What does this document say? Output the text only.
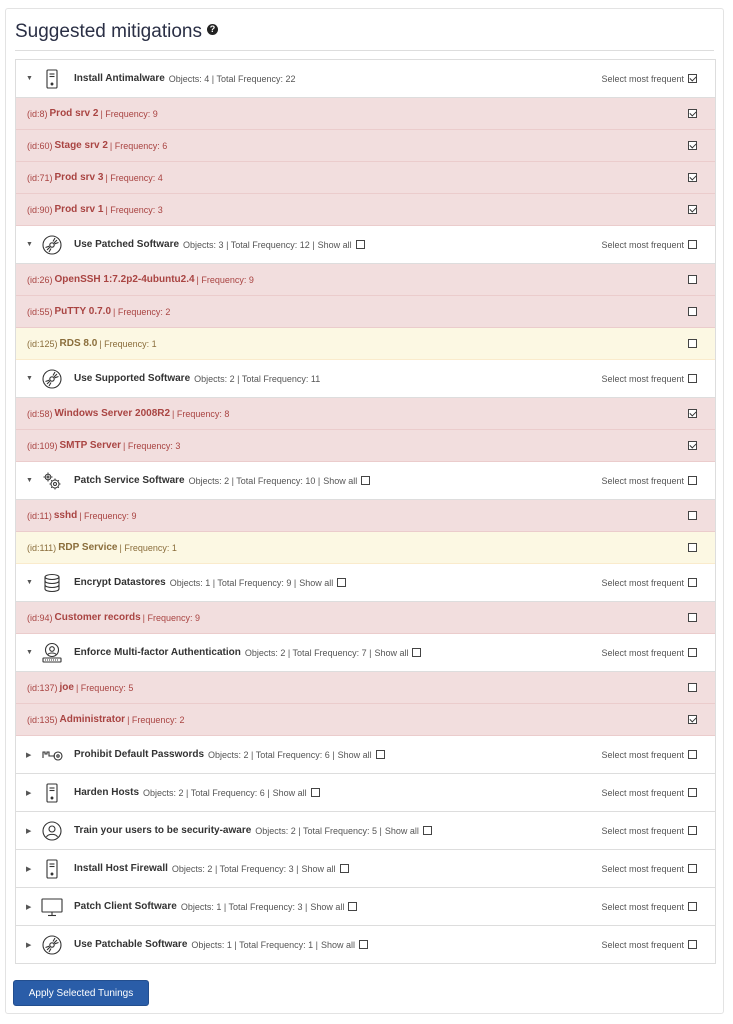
Suggested mitigations ?
▼	Install Antimalware Objects: 4 | Total Frequency: 22	Select most frequent
(id:8) Prod srv 2 | Frequency: 9
(id:60) Stage srv 2 | Frequency: 6
(id:71) Prod srv 3 | Frequency: 4
(id:90) Prod srv 1 | Frequency: 3
▼	Use Patched Software Objects: 3 | Total Frequency: 12 | Show all	Select most frequent
(id:26) OpenSSH 1:7.2p2-4ubuntu2.4 | Frequency: 9
(id:55) PuTTY 0.7.0 | Frequency: 2
(id:125) RDS 8.0 | Frequency: 1
▼	Use Supported Software Objects: 2 | Total Frequency: 11	Select most frequent
(id:58) Windows Server 2008R2 | Frequency: 8
(id:109) SMTP Server | Frequency: 3
▼	Patch Service Software Objects: 2 | Total Frequency: 10 | Show all	Select most frequent
(id:11) sshd | Frequency: 9
(id:111) RDP Service | Frequency: 1
▼	Encrypt Datastores Objects: 1 | Total Frequency: 9 | Show all	Select most frequent
(id:94) Customer records | Frequency: 9
▼	Enforce Multi-factor Authentication Objects: 2 | Total Frequency: 7 | Show all	Select most frequent
(id:137) joe | Frequency: 5
(id:135) Administrator | Frequency: 2
▶	Prohibit Default Passwords Objects: 2 | Total Frequency: 6 | Show all	Select most frequent
▶	Harden Hosts Objects: 2 | Total Frequency: 6 | Show all	Select most frequent
▶	Train your users to be security-aware Objects: 2 | Total Frequency: 5 | Show all	Select most frequent
▶	Install Host Firewall Objects: 2 | Total Frequency: 3 | Show all	Select most frequent
▶	Patch Client Software Objects: 1 | Total Frequency: 3 | Show all	Select most frequent
▶	Use Patchable Software Objects: 1 | Total Frequency: 1 | Show all	Select most frequent
Apply Selected Tunings
